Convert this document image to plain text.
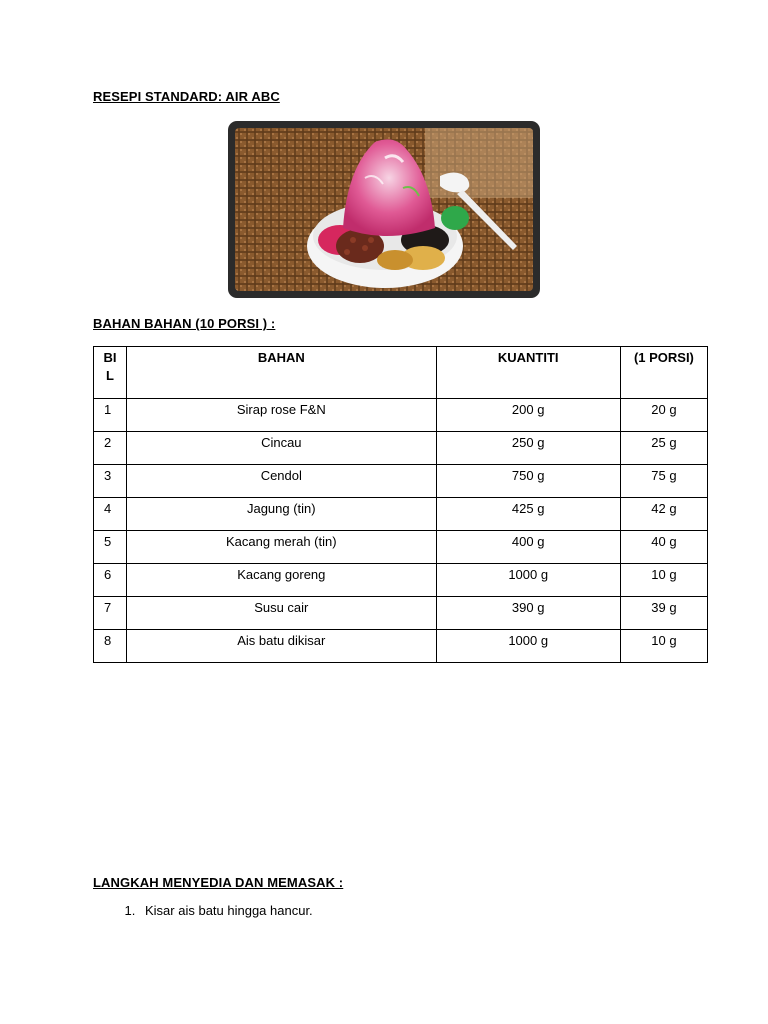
RESEPI STANDARD: AIR ABC

BAHAN BAHAN (10 PORSI ) :

BI L	BAHAN	KUANTITI	(1 PORSI)
1	Sirap rose F&N	200 g	20 g
2	Cincau	250 g	25 g
3	Cendol	750 g	75 g
4	Jagung (tin)	425 g	42 g
5	Kacang merah (tin)	400 g	40 g
6	Kacang goreng	1000 g	10 g
7	Susu cair	390 g	39 g
8	Ais batu dikisar	1000 g	10 g

LANGKAH MENYEDIA DAN MEMASAK :

1. Kisar ais batu hingga hancur.
